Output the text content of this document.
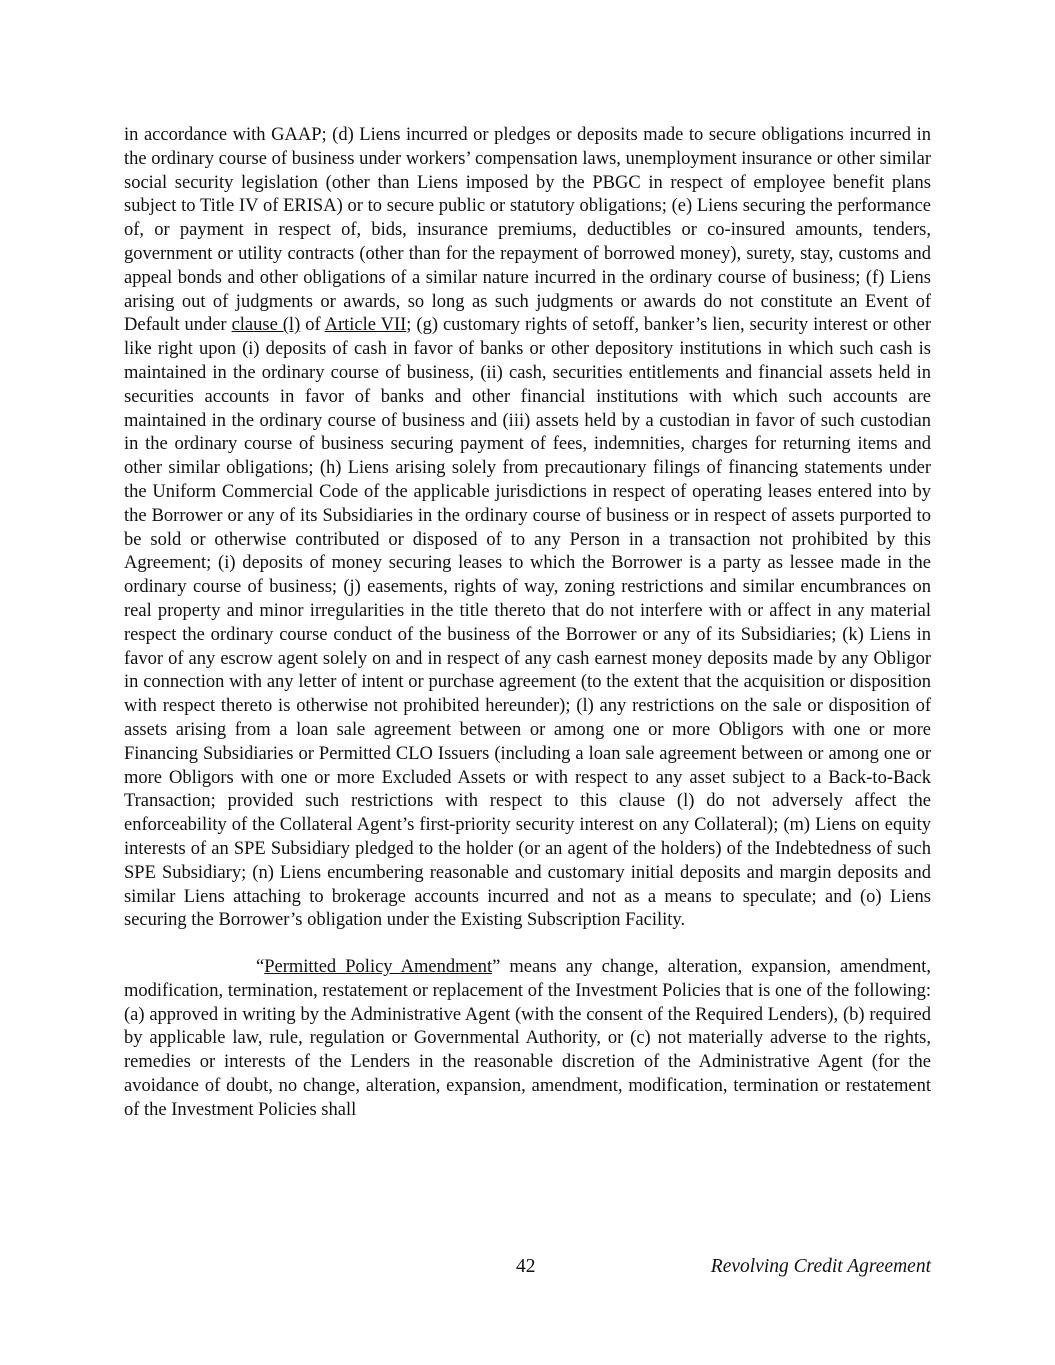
in accordance with GAAP; (d) Liens incurred or pledges or deposits made to secure obligations incurred in the ordinary course of business under workers’ compensation laws, unemployment insurance or other similar social security legislation (other than Liens imposed by the PBGC in respect of employee benefit plans subject to Title IV of ERISA) or to secure public or statutory obligations; (e) Liens securing the performance of, or payment in respect of, bids, insurance premiums, deductibles or co-insured amounts, tenders, government or utility contracts (other than for the repayment of borrowed money), surety, stay, customs and appeal bonds and other obligations of a similar nature incurred in the ordinary course of business; (f) Liens arising out of judgments or awards, so long as such judgments or awards do not constitute an Event of Default under clause (l) of Article VII; (g) customary rights of setoff, banker’s lien, security interest or other like right upon (i) deposits of cash in favor of banks or other depository institutions in which such cash is maintained in the ordinary course of business, (ii) cash, securities entitlements and financial assets held in securities accounts in favor of banks and other financial institutions with which such accounts are maintained in the ordinary course of business and (iii) assets held by a custodian in favor of such custodian in the ordinary course of business securing payment of fees, indemnities, charges for returning items and other similar obligations; (h) Liens arising solely from precautionary filings of financing statements under the Uniform Commercial Code of the applicable jurisdictions in respect of operating leases entered into by the Borrower or any of its Subsidiaries in the ordinary course of business or in respect of assets purported to be sold or otherwise contributed or disposed of to any Person in a transaction not prohibited by this Agreement; (i) deposits of money securing leases to which the Borrower is a party as lessee made in the ordinary course of business; (j) easements, rights of way, zoning restrictions and similar encumbrances on real property and minor irregularities in the title thereto that do not interfere with or affect in any material respect the ordinary course conduct of the business of the Borrower or any of its Subsidiaries; (k) Liens in favor of any escrow agent solely on and in respect of any cash earnest money deposits made by any Obligor in connection with any letter of intent or purchase agreement (to the extent that the acquisition or disposition with respect thereto is otherwise not prohibited hereunder); (l) any restrictions on the sale or disposition of assets arising from a loan sale agreement between or among one or more Obligors with one or more Financing Subsidiaries or Permitted CLO Issuers (including a loan sale agreement between or among one or more Obligors with one or more Excluded Assets or with respect to any asset subject to a Back-to-Back Transaction; provided such restrictions with respect to this clause (l) do not adversely affect the enforceability of the Collateral Agent’s first-priority security interest on any Collateral); (m) Liens on equity interests of an SPE Subsidiary pledged to the holder (or an agent of the holders) of the Indebtedness of such SPE Subsidiary; (n) Liens encumbering reasonable and customary initial deposits and margin deposits and similar Liens attaching to brokerage accounts incurred and not as a means to speculate; and (o) Liens securing the Borrower’s obligation under the Existing Subscription Facility.

“Permitted Policy Amendment” means any change, alteration, expansion, amendment, modification, termination, restatement or replacement of the Investment Policies that is one of the following: (a) approved in writing by the Administrative Agent (with the consent of the Required Lenders), (b) required by applicable law, rule, regulation or Governmental Authority, or (c) not materially adverse to the rights, remedies or interests of the Lenders in the reasonable discretion of the Administrative Agent (for the avoidance of doubt, no change, alteration, expansion, amendment, modification, termination or restatement of the Investment Policies shall

42	Revolving Credit Agreement
